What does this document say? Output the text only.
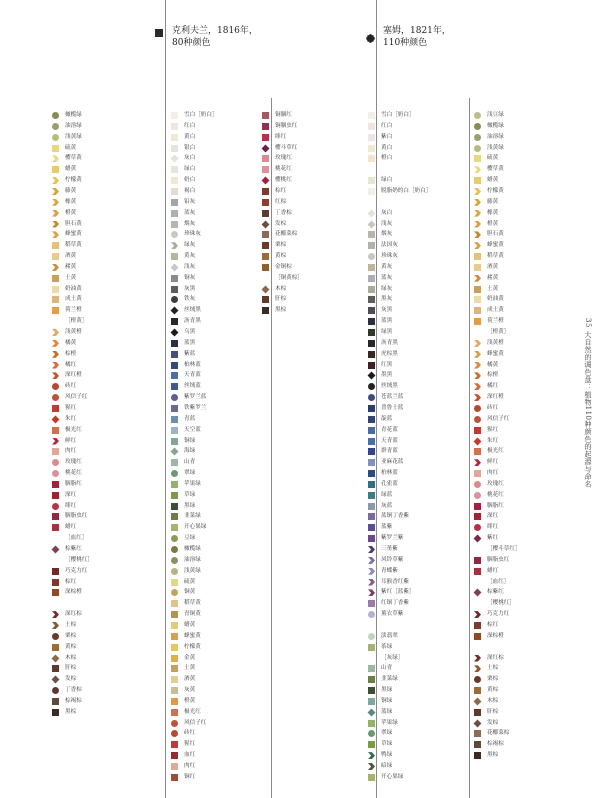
克利夫兰，1816年，
80种颜色
塞姆，1821年，
110种颜色
橄榄绿
油溶绿
浅黄绿
硫黄
樱草黄
蜡黄
柠檬黄
藤黄
橡黄
橙黄
胆石黄
蜂蜜黄
稻草黄
酒黄
赭黄
土黄
奶油黄
成土黄
荷兰橙
［橙黄］
浅黄橙
橘黄
棕橙
橘红
深红橙
砖红
风信子红
猩红
朱红
极光红
鲜红
肉红
玫瑰红
桃花红
胭脂红
深红
绯红
胭脂虫红
蜡红
［血红］
棕紫红
［樱桃红］
巧克力红
棕红
深棕橙
深红棕
土棕
栗棕
黄棕
木棕
肝棕
发棕
丁香棕
棕褐棕
黑棕
雪白［奶白］
红白
黄白
银白
灰白
绿白
奶白
褐白
铅灰
蓝灰
烟灰
珍珠灰
绿灰
黄灰
浅灰
铜灰
灰黑
铁灰
丝绒黑
沥青黑
乌黑
蓝黑
紫蓝
柏林蓝
天青蓝
丝绒蓝
紫罗兰蓝
铁紫罗兰
青蓝
天空蓝
铜绿
海绿
山青
翠绿
苹果绿
草绿
黑绿
韭菜绿
开心果绿
豆绿
橄榄绿
油溶绿
浅黄绿
硫黄
铜黄
稻草黄
青铜黄
蜡黄
蜂蜜黄
柠檬黄
金黄
土黄
酒黄
灰黄
橙黄
极光红
风信子红
砖红
猩红
血红
肉红
铜红
铜胭红
铜胭虫红
绯红
樱斗草红
玫瑰红
桃花红
樱桃红
棕红
红棕
丁香棕
发棕
花椰菜棕
栗棕
黄棕
金铜棕
［铜黄棕］
木棕
肝棕
黑棕
雪白［奶白］
红白
紫白
黄白
橙白
绿白
脱脂奶的白［奶白］
灰白
浅灰
烟灰
法国灰
珍珠灰
黄灰
蓝灰
绿灰
黑灰
灰黑
蓝黑
绿黑
沥青黑
虎棕黑
红黑
墨黑
丝绒黑
苍蓝兰蓝
普鲁士蓝
靛蓝
青花蓝
天青蓝
群青蓝
亚麻花蓝
柏林蓝
孔雀蓝
绿蓝
灰蓝
蓝铜丁香紫
蓝紫
紫罗兰紫
三堇紫
风铃草紫
青蝶紫
耳猴香红紫
紫红［蓝紫］
红铜丁香紫
薰衣草紫
淡翡翠
茶绿
［灰绿］
山青
韭菜绿
黑绿
铜绿
蓝绿
苹果绿
翠绿
草绿
鸭绿
暗绿
开心果绿
浅豆绿
橄榄绿
油溶绿
浅黄绿
硫黄
樱草黄
蜡黄
柠檬黄
藤黄
橡黄
橙黄
胆石黄
蜂蜜黄
稻草黄
酒黄
赭黄
土黄
奶油黄
成土黄
荷兰橙
［橙黄］
浅黄橙
蜂蜜黄
橘黄
棕橙
橘红
深红橙
砖红
风信子红
猩红
朱红
极光红
鲜红
肉红
玫瑰红
桃花红
胭脂红
深红
绯红
紫红
［樱斗草红］
胭脂虫红
蜡红
［血红］
棕紫红
［樱桃红］
巧克力红
棕红
深棕橙
深红棕
土棕
栗棕
黄棕
木棕
肝棕
发棕
花椰菜棕
棕褐棕
黑棕
35 大自然的调色盘：植物110种颜色的起源与命名
